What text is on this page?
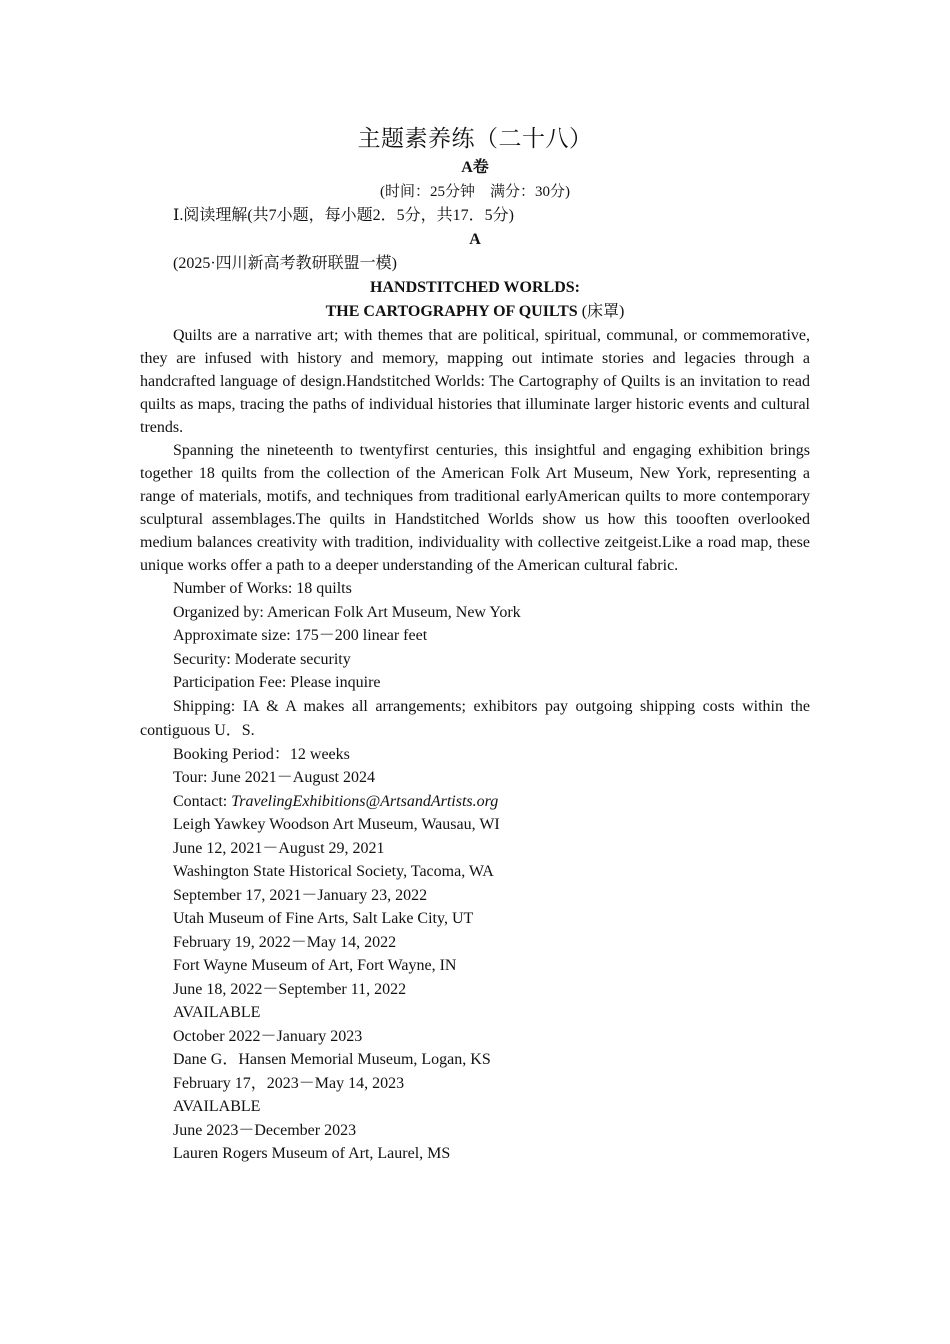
主题素养练（二十八）
A卷
(时间：25分钟　满分：30分)
Ⅰ.阅读理解(共7小题，每小题2．5分，共17．5分)
A
(2025·四川新高考教研联盟一模)
HANDSTITCHED WORLDS:
THE CARTOGRAPHY OF QUILTS (床罩)
Quilts are a narrative art; with themes that are political, spiritual, communal, or commemorative, they are infused with history and memory, mapping out intimate stories and legacies through a handcrafted language of design.Handstitched Worlds: The Cartography of Quilts is an invitation to read quilts as maps, tracing the paths of individual histories that illuminate larger historic events and cultural trends.
Spanning the nineteenth to twentyfirst centuries, this insightful and engaging exhibition brings together 18 quilts from the collection of the American Folk Art Museum, New York, representing a range of materials, motifs, and techniques from traditional earlyAmerican quilts to more contemporary sculptural assemblages.The quilts in Handstitched Worlds show us how this toooften overlooked medium balances creativity with tradition, individuality with collective zeitgeist.Like a road map, these unique works offer a path to a deeper understanding of the American cultural fabric.
Number of Works: 18 quilts
Organized by: American Folk Art Museum, New York
Approximate size: 175－200 linear feet
Security: Moderate security
Participation Fee: Please inquire
Shipping: IA & A makes all arrangements; exhibitors pay outgoing shipping costs within the contiguous U．S.
Booking Period：12 weeks
Tour: June 2021－August 2024
Contact: TravelingExhibitions@ArtsandArtists.org
Leigh Yawkey Woodson Art Museum, Wausau, WI
June 12, 2021－August 29, 2021
Washington State Historical Society, Tacoma, WA
September 17, 2021－January 23, 2022
Utah Museum of Fine Arts, Salt Lake City, UT
February 19, 2022－May 14, 2022
Fort Wayne Museum of Art, Fort Wayne, IN
June 18, 2022－September 11, 2022
AVAILABLE
October 2022－January 2023
Dane G．Hansen Memorial Museum, Logan, KS
February 17，2023－May 14, 2023
AVAILABLE
June 2023－December 2023
Lauren Rogers Museum of Art, Laurel, MS
